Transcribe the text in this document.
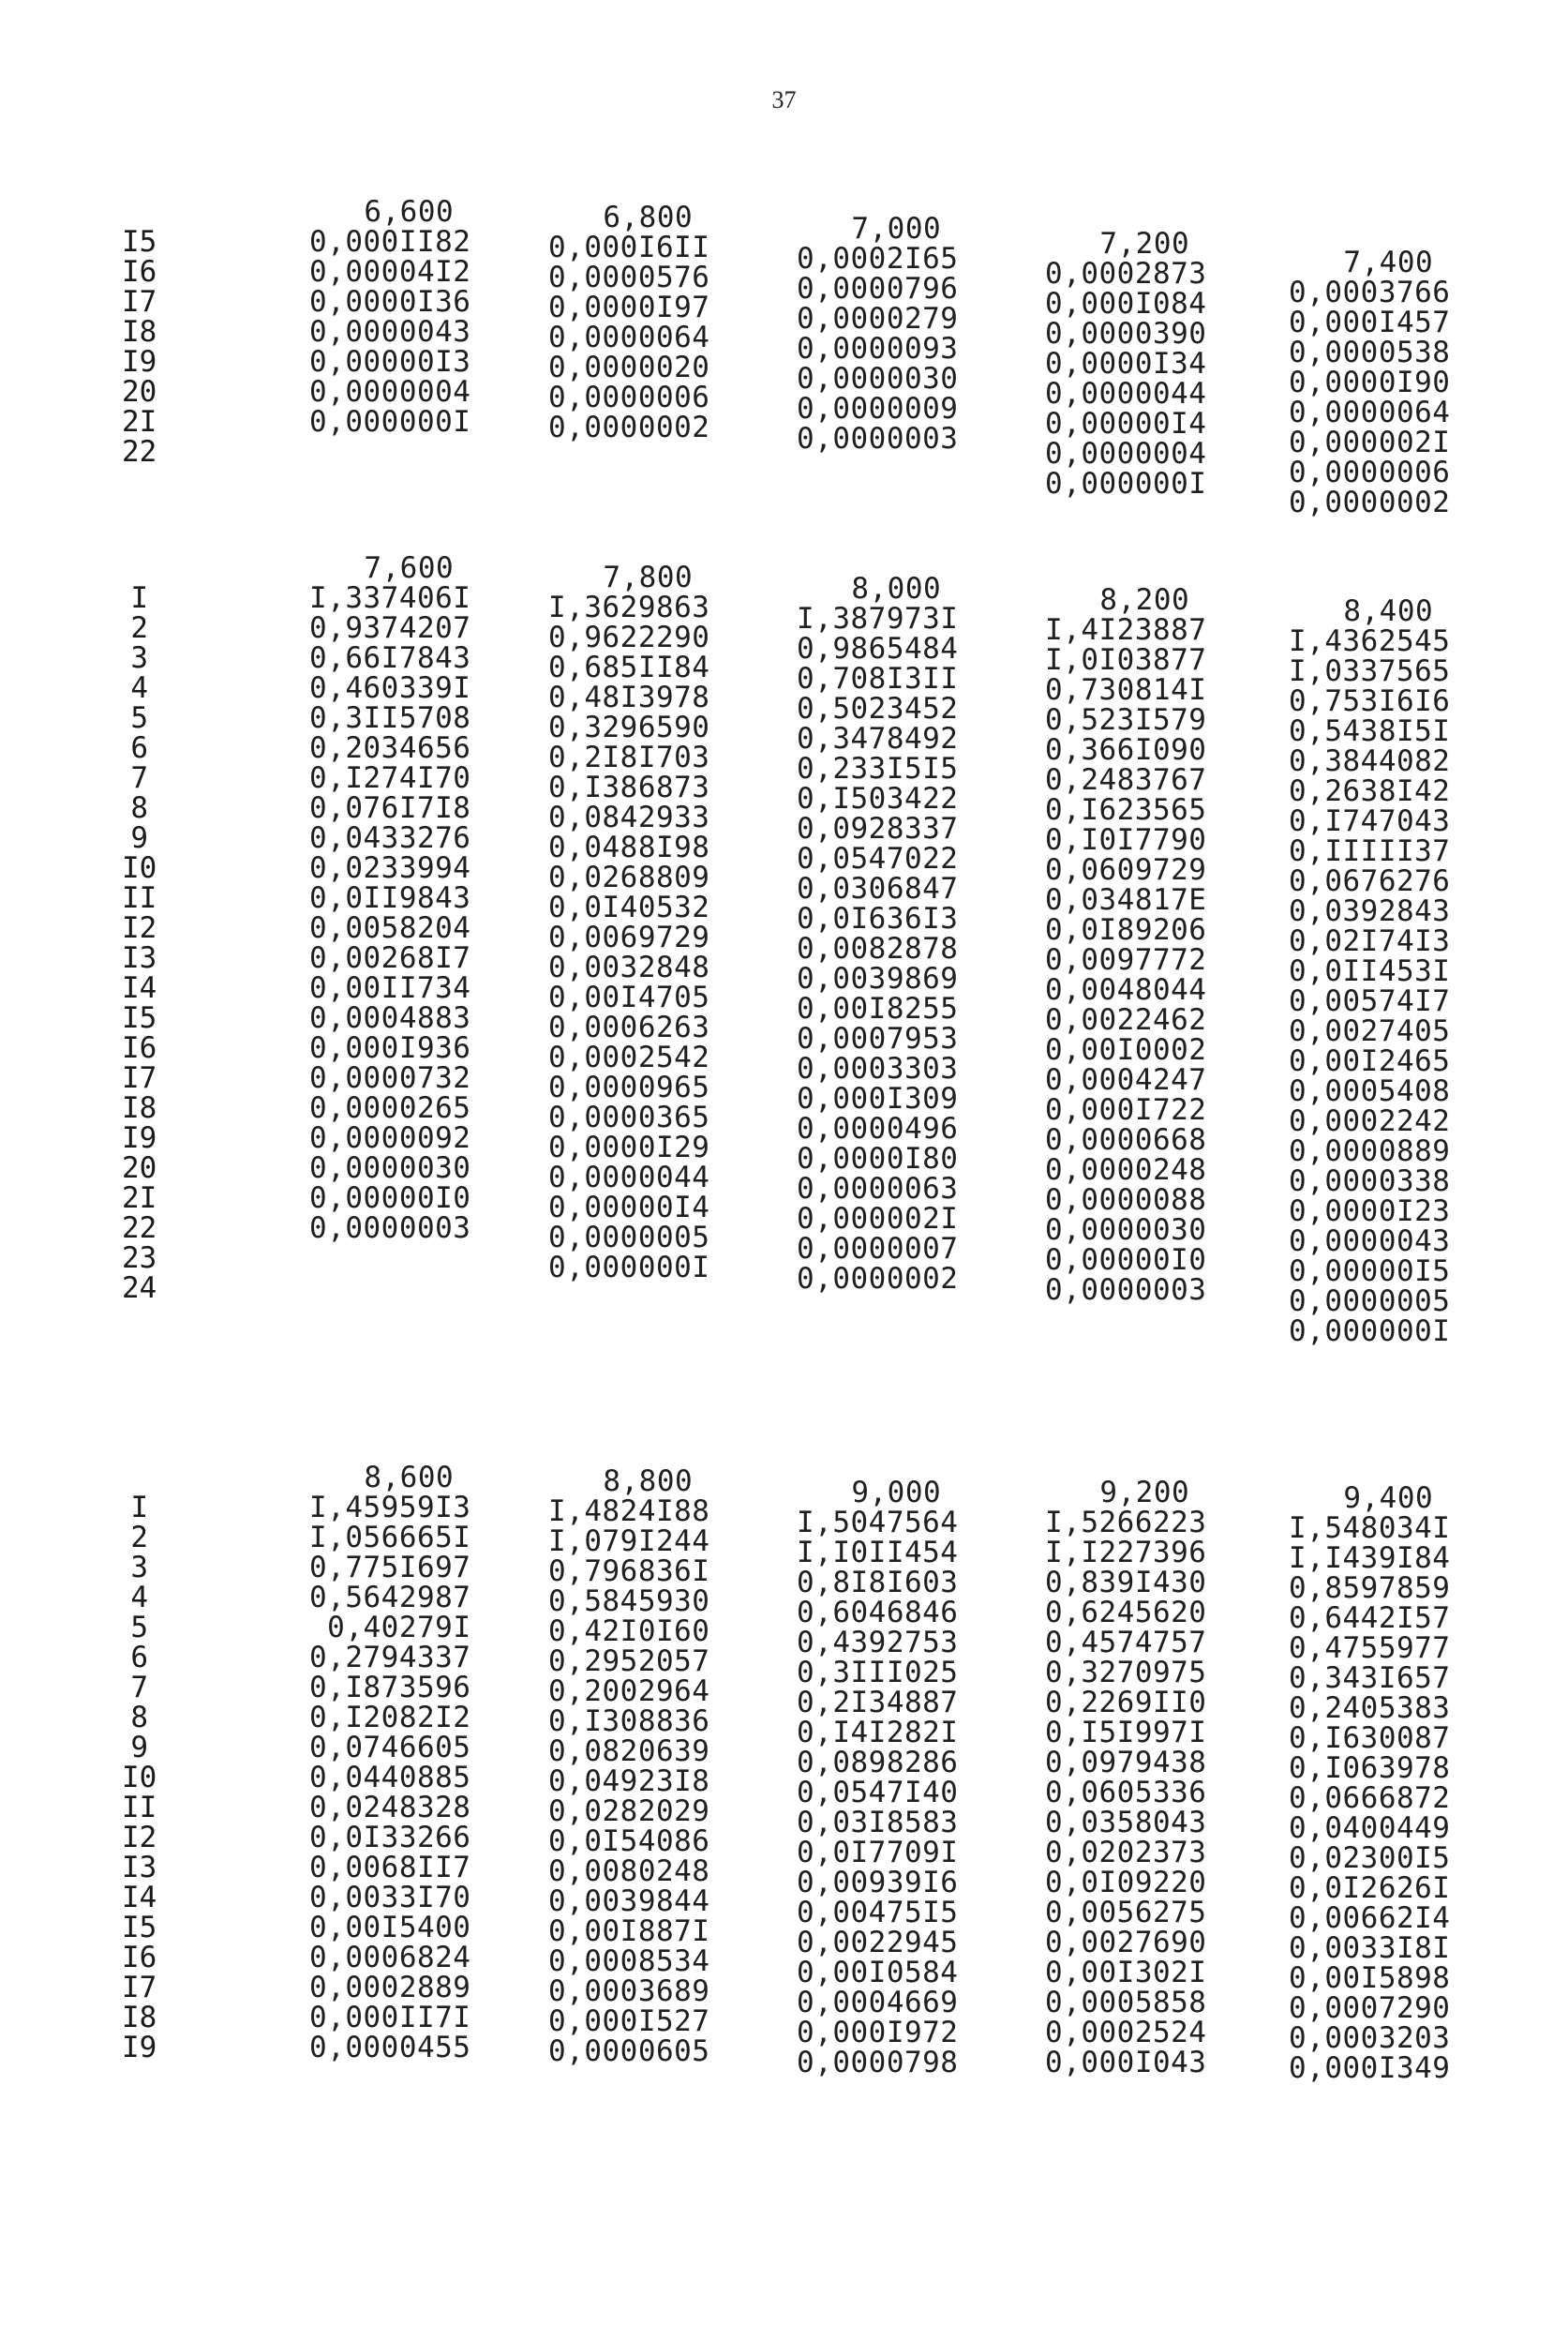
37
I5
I6
I7
I8
I9
20
2I
22
6,600
0,000II82
0,00004I2
0,0000I36
0,0000043
0,00000I3
0,0000004
0,000000I
6,800
0,000I6II
0,0000576
0,0000I97
0,0000064
0,0000020
0,0000006
0,0000002
7,000
0,0002I65
0,0000796
0,0000279
0,0000093
0,0000030
0,0000009
0,0000003
7,200
0,0002873
0,000I084
0,0000390
0,0000I34
0,0000044
0,00000I4
0,0000004
0,000000I
7,400
0,0003766
0,000I457
0,0000538
0,0000I90
0,0000064
0,000002I
0,0000006
0,0000002
I
2
3
4
5
6
7
8
9
I0
II
I2
I3
I4
I5
I6
I7
I8
I9
20
2I
22
23
24
7,600
I,337406I
0,9374207
0,66I7843
0,460339I
0,3II5708
0,2034656
0,I274I70
0,076I7I8
0,0433276
0,0233994
0,0II9843
0,0058204
0,00268I7
0,00II734
0,0004883
0,000I936
0,0000732
0,0000265
0,0000092
0,0000030
0,00000I0
0,0000003
7,800
I,3629863
0,9622290
0,685II84
0,48I3978
0,3296590
0,2I8I703
0,I386873
0,0842933
0,0488I98
0,0268809
0,0I40532
0,0069729
0,0032848
0,00I4705
0,0006263
0,0002542
0,0000965
0,0000365
0,0000I29
0,0000044
0,00000I4
0,0000005
0,000000I
8,000
I,387973I
0,9865484
0,708I3II
0,5023452
0,3478492
0,233I5I5
0,I503422
0,0928337
0,0547022
0,0306847
0,0I636I3
0,0082878
0,0039869
0,00I8255
0,0007953
0,0003303
0,000I309
0,0000496
0,0000I80
0,0000063
0,000002I
0,0000007
0,0000002
8,200
I,4I23887
I,0I03877
0,730814I
0,523I579
0,366I090
0,2483767
0,I623565
0,I0I7790
0,0609729
0,034817E
0,0I89206
0,0097772
0,0048044
0,0022462
0,00I0002
0,0004247
0,000I722
0,0000668
0,0000248
0,0000088
0,0000030
0,00000I0
0,0000003
8,400
I,4362545
I,0337565
0,753I6I6
0,5438I5I
0,3844082
0,2638I42
0,I747043
0,IIIII37
0,0676276
0,0392843
0,02I74I3
0,0II453I
0,00574I7
0,0027405
0,00I2465
0,0005408
0,0002242
0,0000889
0,0000338
0,0000I23
0,0000043
0,00000I5
0,0000005
0,000000I
I
2
3
4
5
6
7
8
9
I0
II
I2
I3
I4
I5
I6
I7
I8
I9
8,600
I,45959I3
I,056665I
0,775I697
0,5642987
0,40279I
0,2794337
0,I873596
0,I2082I2
0,0746605
0,0440885
0,0248328
0,0I33266
0,0068II7
0,0033I70
0,00I5400
0,0006824
0,0002889
0,000II7I
0,0000455
8,800
I,4824I88
I,079I244
0,796836I
0,5845930
0,42I0I60
0,2952057
0,2002964
0,I308836
0,0820639
0,04923I8
0,0282029
0,0I54086
0,0080248
0,0039844
0,00I887I
0,0008534
0,0003689
0,000I527
0,0000605
9,000
I,5047564
I,I0II454
0,8I8I603
0,6046846
0,4392753
0,3III025
0,2I34887
0,I4I282I
0,0898286
0,0547I40
0,03I8583
0,0I7709I
0,00939I6
0,00475I5
0,0022945
0,00I0584
0,0004669
0,000I972
0,0000798
9,200
I,5266223
I,I227396
0,839I430
0,6245620
0,4574757
0,3270975
0,2269II0
0,I5I997I
0,0979438
0,0605336
0,0358043
0,0202373
0,0I09220
0,0056275
0,0027690
0,00I302I
0,0005858
0,0002524
0,000I043
9,400
I,548034I
I,I439I84
0,8597859
0,6442I57
0,4755977
0,343I657
0,2405383
0,I630087
0,I063978
0,0666872
0,0400449
0,02300I5
0,0I2626I
0,00662I4
0,0033I8I
0,00I5898
0,0007290
0,0003203
0,000I349
